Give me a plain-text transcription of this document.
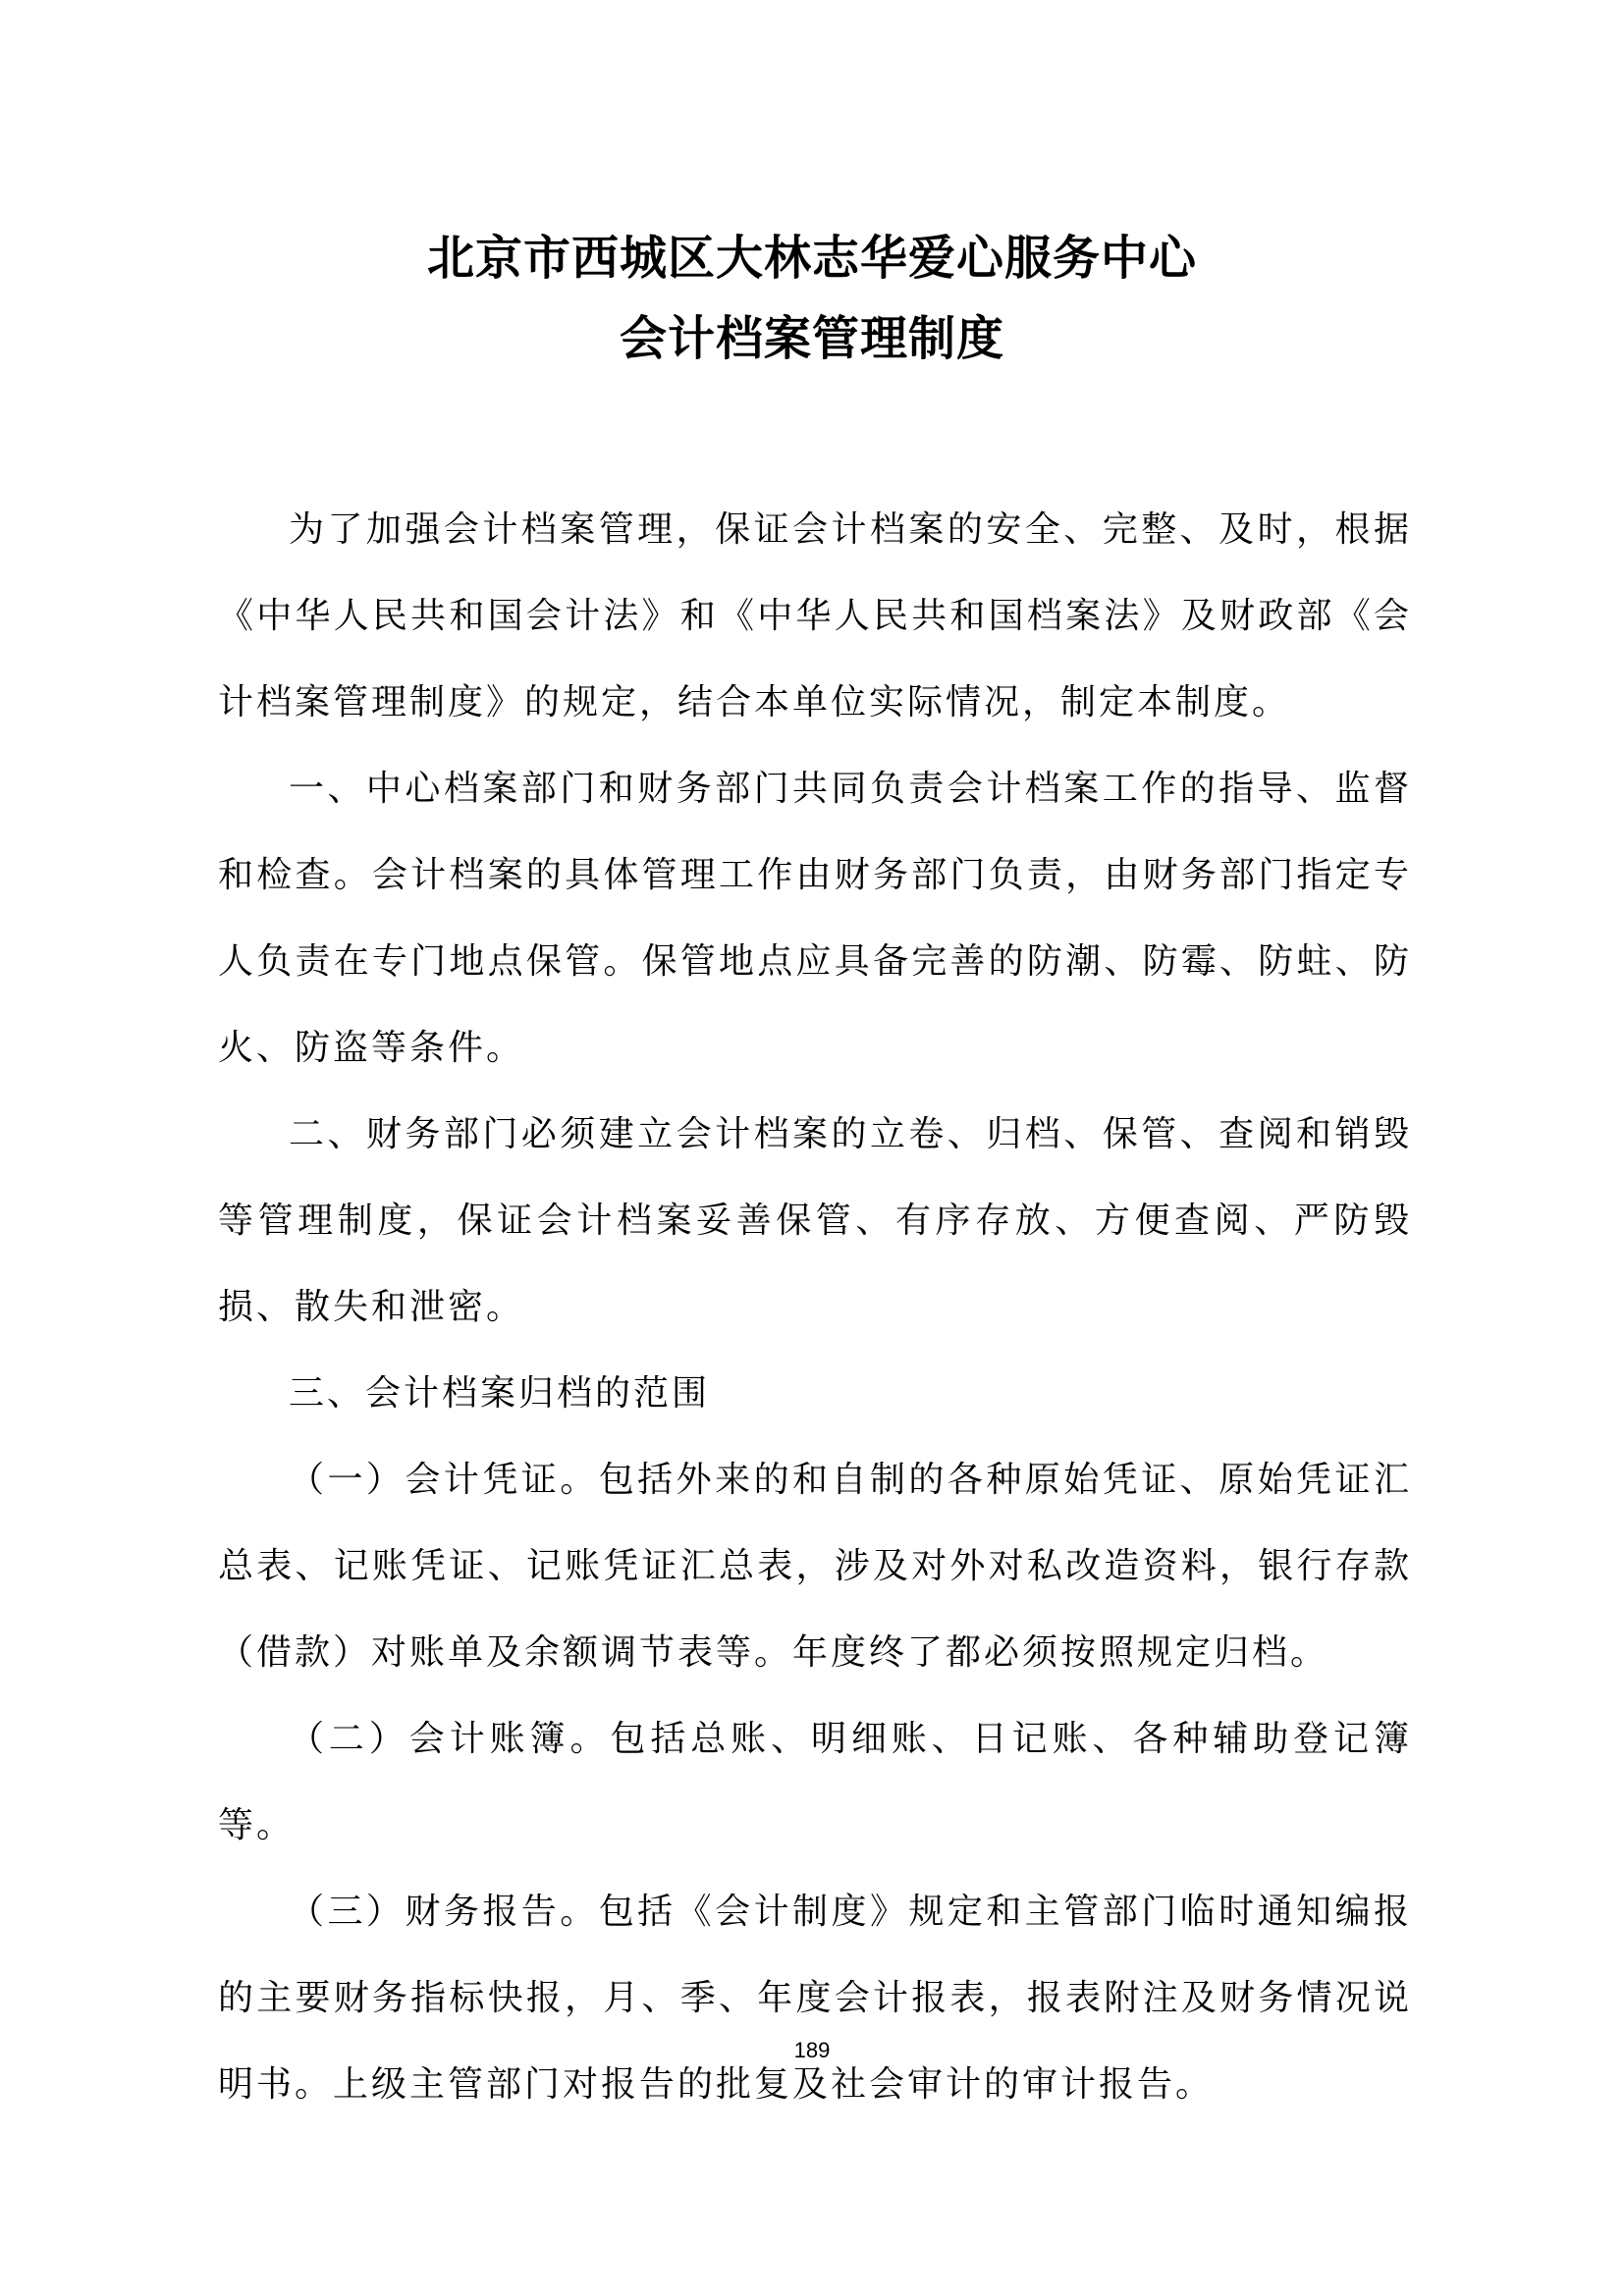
北京市西城区大林志华爱心服务中心

会计档案管理制度

为了加强会计档案管理，保证会计档案的安全、完整、及时，根据《中华人民共和国会计法》和《中华人民共和国档案法》及财政部《会计档案管理制度》的规定，结合本单位实际情况，制定本制度。

一、中心档案部门和财务部门共同负责会计档案工作的指导、监督和检查。会计档案的具体管理工作由财务部门负责，由财务部门指定专人负责在专门地点保管。保管地点应具备完善的防潮、防霉、防蛀、防火、防盗等条件。

二、财务部门必须建立会计档案的立卷、归档、保管、查阅和销毁等管理制度，保证会计档案妥善保管、有序存放、方便查阅、严防毁损、散失和泄密。

三、会计档案归档的范围

（一）会计凭证。包括外来的和自制的各种原始凭证、原始凭证汇总表、记账凭证、记账凭证汇总表，涉及对外对私改造资料，银行存款（借款）对账单及余额调节表等。年度终了都必须按照规定归档。

（二）会计账簿。包括总账、明细账、日记账、各种辅助登记簿等。

（三）财务报告。包括《会计制度》规定和主管部门临时通知编报的主要财务指标快报，月、季、年度会计报表，报表附注及财务情况说明书。上级主管部门对报告的批复及社会审计的审计报告。

189
